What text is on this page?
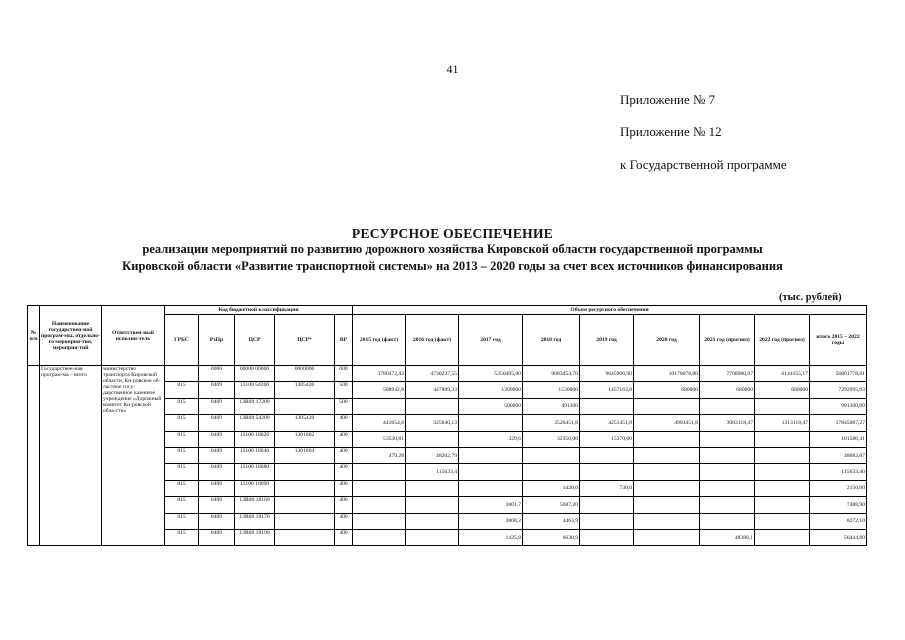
41
Приложение № 7
Приложение № 12
к Государственной программе
РЕСУРСНОЕ ОБЕСПЕЧЕНИЕ
реализации мероприятий по развитию дорожного хозяйства Кировской области государственной программы
Кировской области «Развитие транспортной системы» на 2013 – 2020 годы за счет всех источников финансирования
(тыс. рублей)
№ п/п	Наименование государствен-ной програм-мы, отдельно-го мероприя-тия, мероприя-тий	Ответствен-ный исполни-тель	Код бюджетной классификации					Объем ресурсного обеспечения								
			ГРБС	РзПр	ЦСР	ЦСР*	ВР	2015 год (факт)	2016 год (факт)	2017 год	2018 год	2019 год	2020 год	2021 год (прогноз)	2022 год (прогноз)	итого 2015 – 2022 годы
	Государствен-ная програм-ма – всего	министерство транспорта Кировской области, Ки-ровское об-ластное госу-дарственное казенное учреждение «Дорожный комитет Ки-ровской обла-сти»		0000	00000 00000	0000000	000	3780472,42	4730237,55	5350495,00	9083454,70	9645906,90	10178078,80	7708980,07	6144155,17	56801778,61
			815	0409	13100 54200	1305420	500	508942,8	447889,33	1309000	1530000	1457163,8	680000	680000	680000	7292995,93
			815	0409	13R00 17200		500			500000	491300					991300,00
			815	0409	13R00 54200	1305420	400	441654,8	325840,13		3526451,8	4251451,8	4903451,8	3083118,47	1313118,47	17845087,27
			815	0409	13100 18020	1301802	400	53530,81		329,6	32350,00	15370,00				101580,41
			815	0409	13100 18040	1301804	400	479,28	48202,79							48682,07
			815	0409	13100 18080		400		115633,4							115633,40
			815	0409	13100 18090		400				1420,0	730,0				2150,00
			815	0409	13R00 18160		400			1801,7	5687,20					7488,90
			815	0409	13R00 18170		400			3808,2	4463,9					8272,10
			815	0409	13R00 18190		400			1425,8	6630,9			48388,1		56444,80
